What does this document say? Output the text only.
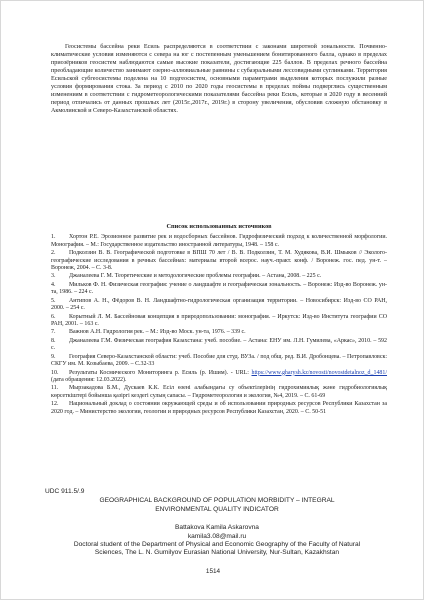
Геосистемы бассейна реки Есиль распределяются в соответствии с законами широтной зональности. Почвенно-климатические условия изменяются с севера на юг с постепенным уменьшением бонитированного балла, однако в пределах приозёрников геосистем наблюдаются самые высокие показатели, достигающие 225 баллов. В пределах речного бассейна преобладающие количество занимают озерно-аллювиальные равнины с субаэральными лессовидными суглинками. Территория Есильской субгеосистемы поделена на 10 подгеосистем, основными параметрами выделения которых послужили разные условия формирования стока. За период с 2010 по 2020 годы геосистемы в пределах поймы подверглись существенным изменениям в соответствии с гидрометеорологическими показателями бассейна реки Есиль, которые в 2020 году в весенний период отличались от данных прошлых лет (2015г.,2017г., 2019г.) в сторону увеличения, обусловив сложную обстановку в Акмолинской и Северо-Казахстанской областях.

Список использованных источников
1. Хортон Р.Е. Эрозионное развитие рек и водосборных бассейнов. Гидрофизический подход к количественной морфологии. Монография. – М.: Государственное издательство иностранной литературы, 1948. – 158 с.
2. Подколзин В. В. Географической подготовке в ВПШ 70 лет / В. В. Подколзин, Т. М. Худякова, В.И. Шмыков // Эколого-географические исследования в речных бассейнах: материалы второй всерос. науч.-практ. конф. / Воронеж. гос. пед. ун-т. – Воронеж, 2004. – С. 3-8.
3. Джаналеева Г. М. Теоретические и методологические проблемы географии. – Астана, 2008. – 225 с.
4. Мильков Ф. Н. Физическая география: учение о ландшафте и географическая зональность. – Воронеж: Изд-во Воронеж. ун-та, 1986. – 224 с.
5. Антипов А. Н., Фёдоров В. Н. Ландшафтно-гидрологическая организация территории. – Новосибирск: Изд-во СО РАН, 2000. – 254 с.
6. Корытный Л. М. Бассейновая концепция в природопользовании: монография. – Иркутск: Изд-во Института географии СО РАН, 2001. – 163 с.
7. Важнов А.Н. Гидрология рек. – М.: Изд-во Моск. ун-та, 1976. – 339 с.
8. Джаналеева Г.М. Физическая география Казахстана: учеб. пособие. – Астана: ЕНУ им. Л.Н. Гумилева, «Аркас», 2010. – 592 с.
9. География Северо-Казахстанской области: учеб. Пособие для студ. ВУЗа. / под общ. ред. В.И. Дробонцева. – Петропавловск: СКГУ им. М. Козыбаева, 2009. – С.32-33
10. Результаты Космического Мониторинга р. Есиль (р. Ишим). - URL: https://www.gharysh.kz/novosti/novostdetalnoz_d_1481/ (дата обращения: 12.03.2022).
11. Мырзакадова Б.М., Дускаев К.К. Есіл өзені алабындағы су объектілерінің гидрохимиялық және гидробиологиялық көрсеткіштері бойынша қазіргі кездегі сулың сапасы. – Гидрометеорология и экология, №4, 2019. – С. 61-69
12. Национальный доклад о состоянии окружающей среды и об использовании природных ресурсов Республики Казахстан за 2020 год. – Министерство экологии, геологии и природных ресурсов Республики Казахстан, 2020. – С. 50-51
UDC 911.5/.9
GEOGRAPHICAL BACKGROUND OF POPULATION MORBIDITY – INTEGRAL
ENVIRONMENTAL QUALITY INDICATOR
Battakova Kamila Askarovna
kamila3.08@mail.ru
Doctoral student of the Department of Physical and Economic Geography of the Faculty of Natural
Sciences, The L. N. Gumilyov Eurasian National University, Nur-Sultan, Kazakhstan
1514
